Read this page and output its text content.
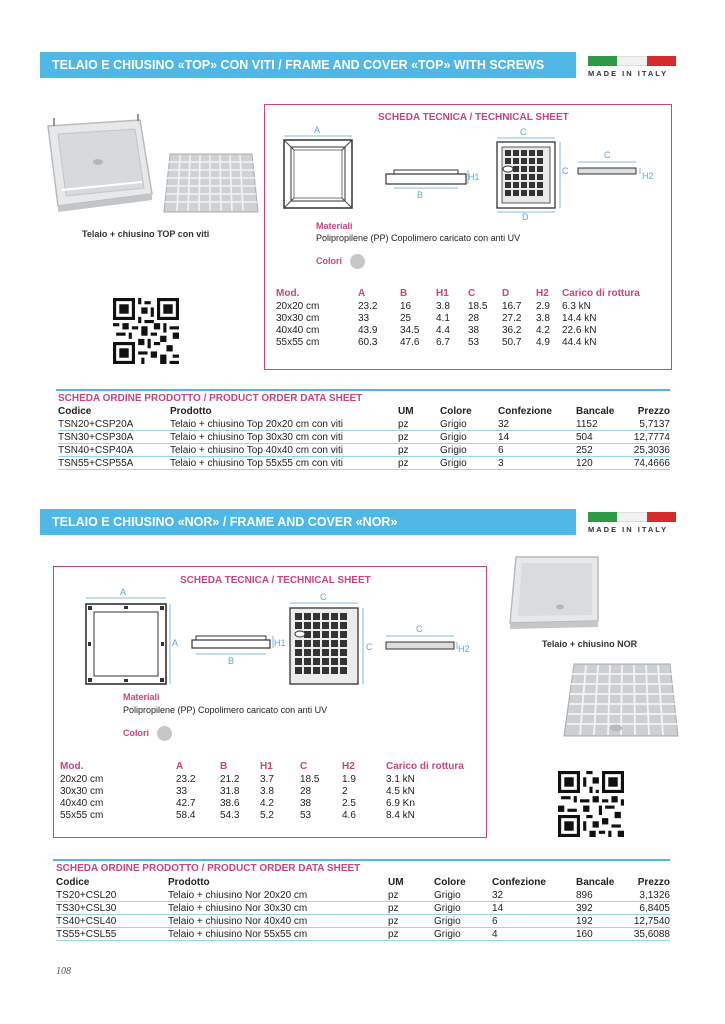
TELAIO E CHIUSINO «TOP» CON VITI / FRAME AND COVER «TOP» WITH SCREWS
MADE IN ITALY
Telaio + chiusino TOP con viti
SCHEDA TECNICA / TECHNICAL SHEET
A
B
H1
C
C
D
C
H2
Materiali
Polipropilene (PP) Copolimero caricato con anti UV
Colori
Mod.	A	B	H1	C	D	H2	Carico di rottura
20x20 cm	23.2	16	3.8	18.5	16.7	2.9	6.3 kN
30x30 cm	33	25	4.1	28	27.2	3.8	14.4 kN
40x40 cm	43.9	34.5	4.4	38	36.2	4.2	22.6 kN
55x55 cm	60.3	47.6	6.7	53	50.7	4.9	44.4 kN
SCHEDA ORDINE PRODOTTO / PRODUCT ORDER DATA SHEET
Codice	Prodotto	UM	Colore	Confezione	Bancale	Prezzo
TSN20+CSP20A	Telaio + chiusino Top 20x20 cm con viti	pz	Grigio	32	1152	5,7137
TSN30+CSP30A	Telaio + chiusino Top 30x30 cm con viti	pz	Grigio	14	504	12,7774
TSN40+CSP40A	Telaio + chiusino Top 40x40 cm con viti	pz	Grigio	6	252	25,3036
TSN55+CSP55A	Telaio + chiusino Top 55x55 cm con viti	pz	Grigio	3	120	74,4666
TELAIO E CHIUSINO «NOR» / FRAME AND COVER «NOR»
MADE IN ITALY
SCHEDA TECNICA / TECHNICAL SHEET
A
A
B
H1
C
C
C
H2
Materiali
Polipropilene (PP) Copolimero caricato con anti UV
Colori
Mod.	A	B	H1	C	H2	Carico di rottura
20x20 cm	23.2	21.2	3.7	18.5	1.9	3.1 kN
30x30 cm	33	31.8	3.8	28	2	4.5 kN
40x40 cm	42.7	38.6	4.2	38	2.5	6.9 Kn
55x55 cm	58.4	54.3	5.2	53	4.6	8.4 kN
Telaio + chiusino NOR
SCHEDA ORDINE PRODOTTO / PRODUCT ORDER DATA SHEET
Codice	Prodotto	UM	Colore	Confezione	Bancale	Prezzo
TS20+CSL20	Telaio + chiusino Nor 20x20 cm	pz	Grigio	32	896	3,1326
TS30+CSL30	Telaio + chiusino Nor 30x30 cm	pz	Grigio	14	392	6,8405
TS40+CSL40	Telaio + chiusino Nor 40x40 cm	pz	Grigio	6	192	12,7540
TS55+CSL55	Telaio + chiusino Nor 55x55 cm	pz	Grigio	4	160	35,6088
108
